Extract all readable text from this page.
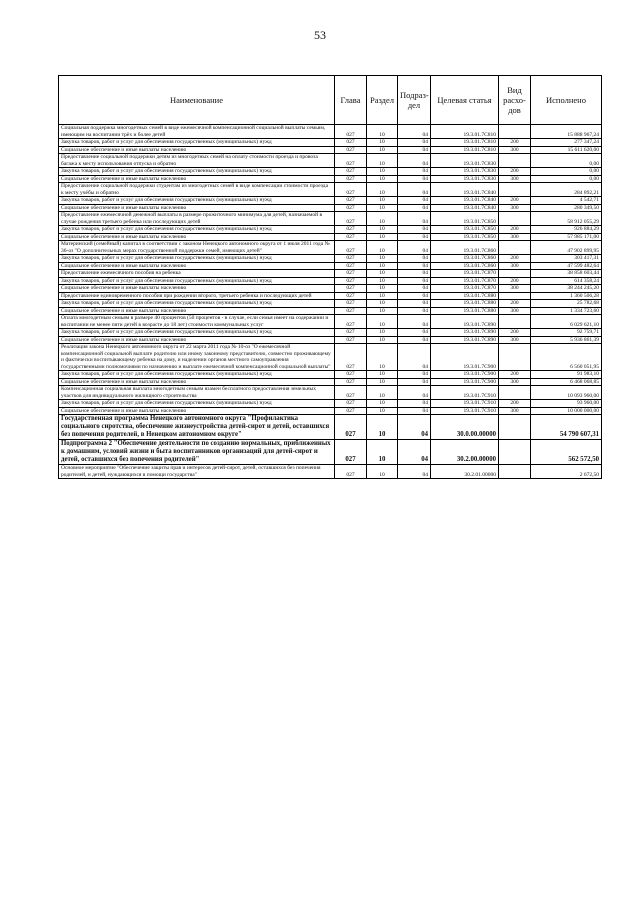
53
Наименование	Глава	Раздел	Подраз-дел	Целевая статья	Вид расхо-дов	Исполнено
Социальная поддержка многодетных семей в виде ежемесячной компенсационной социальной выплаты семьям, имеющим на воспитании трёх и более детей	027	10	04	19.3.01.7С810		15 888 967,24
Закупка товаров, работ и услуг для обеспечения государственных (муниципальных) нужд	027	10	04	19.3.01.7С810	200	277 347,24
Социальное обеспечение и иные выплаты населению	027	10	04	19.3.01.7С810	300	15 611 620,00
Предоставление социальной поддержки детям из многодетных семей на оплату стоимости проезда и провоза багажа к месту использования отпуска и обратно	027	10	04	19.3.01.7С830		0,00
Закупка товаров, работ и услуг для обеспечения государственных (муниципальных) нужд	027	10	04	19.3.01.7С830	200	0,00
Социальное обеспечение и иные выплаты населению	027	10	04	19.3.01.7С830	300	0,00
Предоставление социальной поддержки студентам из многодетных семей в виде компенсации стоимости проезда к месту учёбы и обратно	027	10	04	19.3.01.7С840		284 892,21
Закупка товаров, работ и услуг для обеспечения государственных (муниципальных) нужд	027	10	04	19.3.01.7С840	200	4 542,71
Социальное обеспечение и иные выплаты населению	027	10	04	19.3.01.7С840	300	280 349,50
Предоставление ежемесячной денежной выплаты в размере прожиточного минимума для детей, назначаемой в случае рождения третьего ребенка или последующих детей	027	10	04	19.3.01.7С850		58 912 055,29
Закупка товаров, работ и услуг для обеспечения государственных (муниципальных) нужд	027	10	04	19.3.01.7С850	200	926 884,29
Социальное обеспечение и иные выплаты населению	027	10	04	19.3.01.7С850	300	57 985 171,00
Материнский (семейный) капитал в соответствии с законом Ненецкого автономного округа от 1 июля 2011 года № 36-оз "О дополнительных мерах государственной поддержки семей, имеющих детей"	027	10	04	19.3.01.7С860		47 902 899,95
Закупка товаров, работ и услуг для обеспечения государственных (муниципальных) нужд	027	10	04	19.3.01.7С860	200	303 417,31
Социальное обеспечение и иные выплаты населению	027	10	04	19.3.01.7С860	300	47 599 482,64
Предоставление ежемесячного пособия на ребенка	027	10	04	19.3.01.7С870		38 858 603,44
Закупка товаров, работ и услуг для обеспечения государственных (муниципальных) нужд	027	10	04	19.3.01.7С870	200	614 358,24
Социальное обеспечение и иные выплаты населению	027	10	04	19.3.01.7С870	300	38 244 245,20
Предоставление единовременного пособия при рождении второго, третьего ребенка и последующих детей	027	10	04	19.3.01.7С880		1 360 506,28
Закупка товаров, работ и услуг для обеспечения государственных (муниципальных) нужд	027	10	04	19.3.01.7С880	200	25 782,68
Социальное обеспечение и иные выплаты населению	027	10	04	19.3.01.7С880	300	1 334 723,60
Оплата многодетным семьям в размере 40 процентов (50 процентов - в случае, если семья имеет на содержании и воспитании не менее пяти детей в возрасте до 18 лет) стоимости коммунальных услуг	027	10	04	19.3.01.7С890		6 029 621,10
Закупка товаров, работ и услуг для обеспечения государственных (муниципальных) нужд	027	10	04	19.3.01.7С890	200	92 759,71
Социальное обеспечение и иные выплаты населению	027	10	04	19.3.01.7С890	300	5 936 861,39
Реализация закона Ненецкого автономного округа от 22 марта 2011 года № 10-оз "О ежемесячной компенсационной социальной выплате родителю или иному законному представителю, совместно проживающему и фактически воспитывающему ребенка на дому, и наделении органов местного самоуправления государственными полномочиями по назначению и выплате ежемесячной компенсационной социальной выплаты"	027	10	04	19.3.01.7С900		6 560 051,95
Закупка товаров, работ и услуг для обеспечения государственных (муниципальных) нужд	027	10	04	19.3.01.7С900	200	91 983,10
Социальное обеспечение и иные выплаты населению	027	10	04	19.3.01.7С900	300	6 468 068,85
Компенсационная социальная выплата многодетным семьям взамен бесплатного предоставления земельных участков для индивидуального жилищного строительства	027	10	04	19.3.01.7С910		10 093 960,00
Закупка товаров, работ и услуг для обеспечения государственных (муниципальных) нужд	027	10	04	19.3.01.7С910	200	93 960,00
Социальное обеспечение и иные выплаты населению	027	10	04	19.3.01.7С910	300	10 000 000,00
Государственная программа Ненецкого автономного округа "Профилактика социального сиротства, обеспечение жизнеустройства детей-сирот и детей, оставшихся без попечения родителей, в Ненецком автономном округе"	027	10	04	30.0.00.00000		54 790 607,31
Подпрограмма 2 "Обеспечение деятельности по созданию нормальных, приближенных к домашним, условий жизни и быта воспитанников организаций для детей-сирот и детей, оставшихся без попечения родителей"	027	10	04	30.2.00.00000		562 572,50
Основное мероприятие "Обеспечение защиты прав и интересов детей-сирот, детей, оставшихся без попечения родителей, и детей, нуждающихся в помощи государства"	027	10	04	30.2.01.00000		2 672,50
